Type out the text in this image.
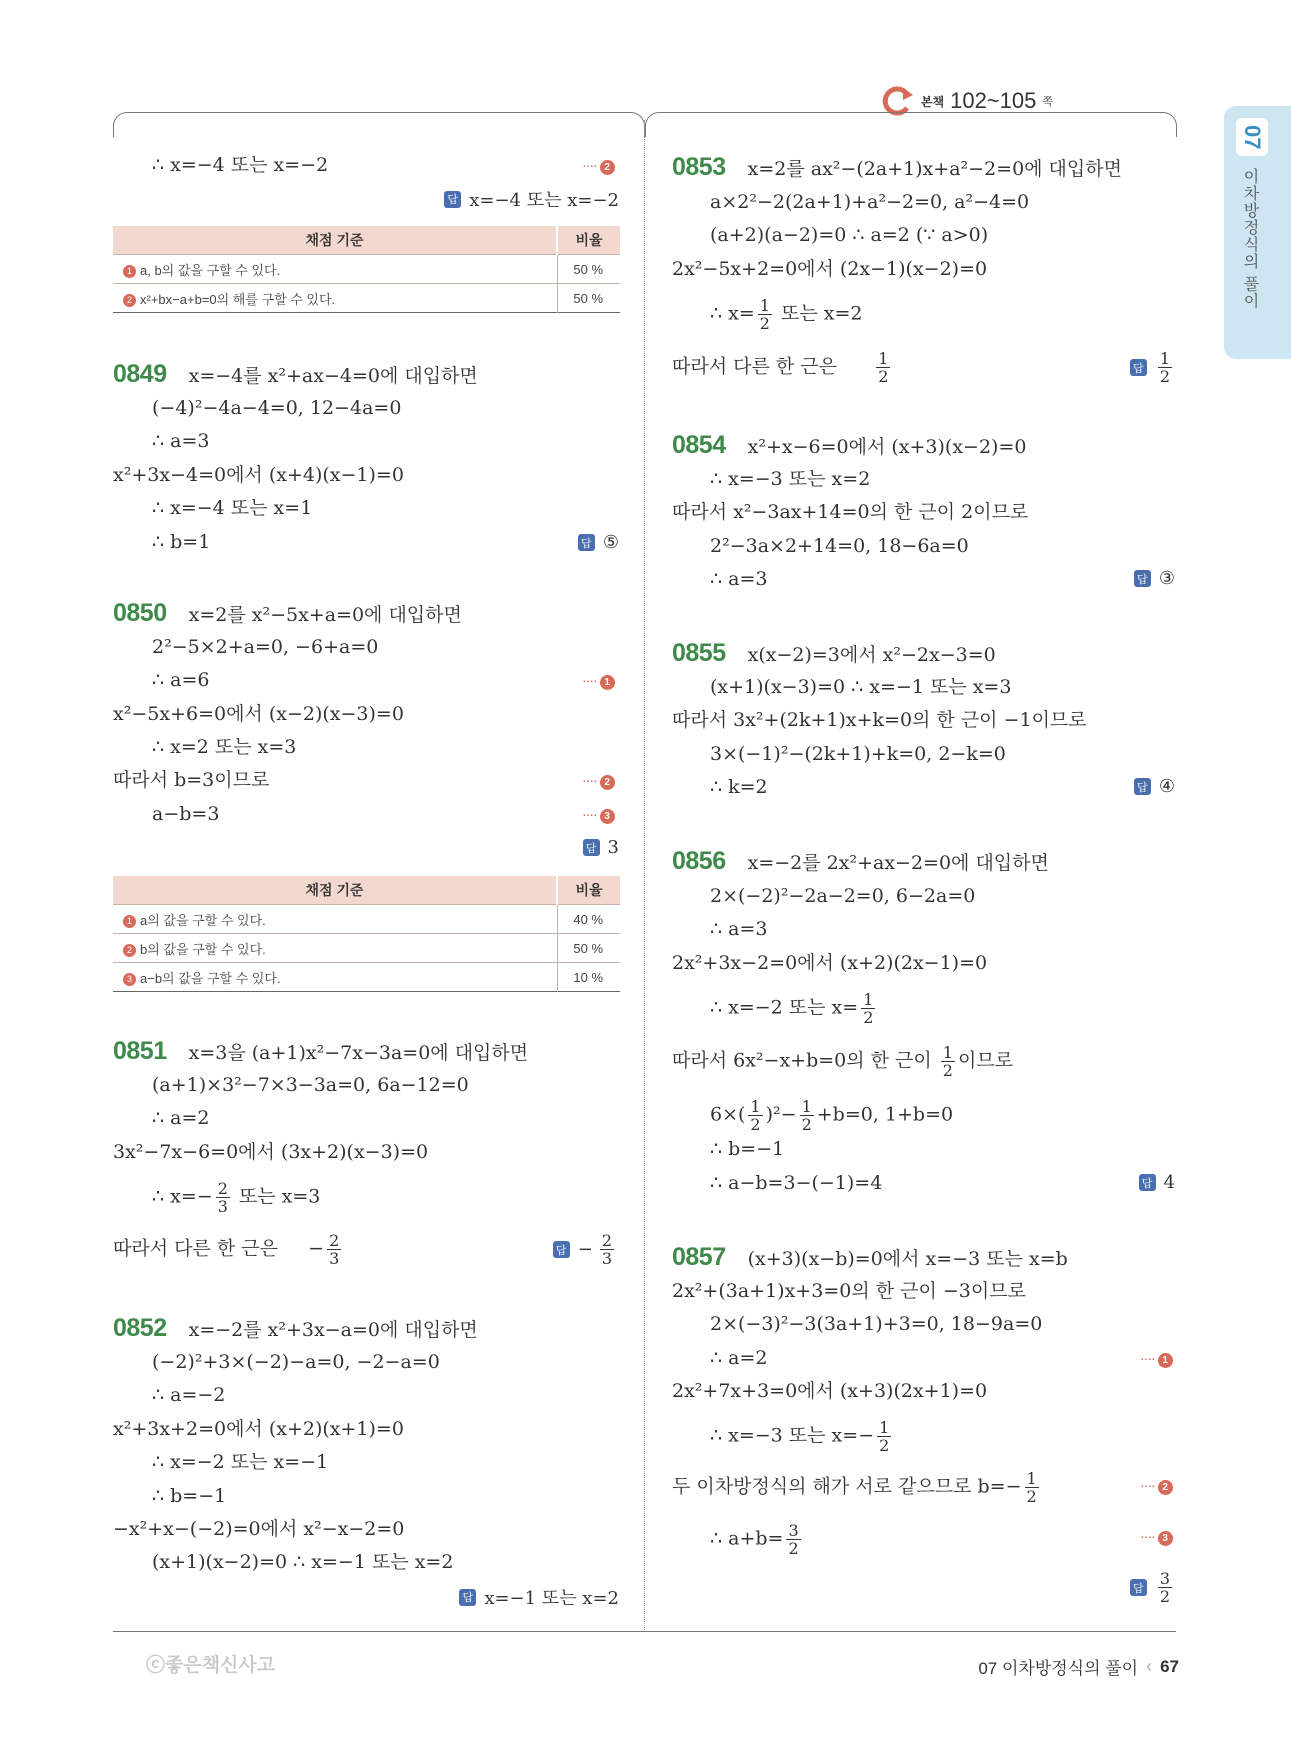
본책 102~105 쪽
07
이차방정식의 풀이
∴ x=−4 또는 x=−2	···· 2
답 x=−4 또는 x=−2
채점 기준	비율
1 a, b의 값을 구할 수 있다.	50 %
2 x²+bx−a+b=0의 해를 구할 수 있다.	50 %
0849 x=−4를 x²+ax−4=0에 대입하면
(−4)²−4a−4=0, 12−4a=0
∴ a=3
x²+3x−4=0에서 (x+4)(x−1)=0
∴ x=−4 또는 x=1
∴ b=1	답 ⑤
0850 x=2를 x²−5x+a=0에 대입하면
2²−5×2+a=0, −6+a=0
∴ a=6	···· 1
x²−5x+6=0에서 (x−2)(x−3)=0
∴ x=2 또는 x=3
따라서 b=3이므로	···· 2
a−b=3	···· 3
답 3
채점 기준	비율
1 a의 값을 구할 수 있다.	40 %
2 b의 값을 구할 수 있다.	50 %
3 a−b의 값을 구할 수 있다.	10 %
0851 x=3을 (a+1)x²−7x−3a=0에 대입하면
(a+1)×3²−7×3−3a=0, 6a−12=0
∴ a=2
3x²−7x−6=0에서 (3x+2)(x−3)=0
∴ $x=- \frac{2}{3}$ 또는 x=3
따라서 다른 한 근은 − $\frac{2}{3}$	답 − $\frac{2}{3}$
0852 x=−2를 x²+3x−a=0에 대입하면
(−2)²+3×(−2)−a=0, −2−a=0
∴ a=−2
x²+3x+2=0에서 (x+2)(x+1)=0
∴ x=−2 또는 x=−1
∴ b=−1
−x²+x−(−2)=0에서 x²−x−2=0
(x+1)(x−2)=0 ∴ x=−1 또는 x=2
답 x=−1 또는 x=2
0853 x=2를 ax²−(2a+1)x+a²−2=0에 대입하면
a×2²−2(2a+1)+a²−2=0, a²−4=0
(a+2)(a−2)=0 ∴ a=2 (∵ a>0)
2x²−5x+2=0에서 (2x−1)(x−2)=0
∴ $x= \frac{1}{2}$ 또는 x=2
따라서 다른 한 근은 $\frac{1}{2}$	답 $\frac{1}{2}$
0854 x²+x−6=0에서 (x+3)(x−2)=0
∴ x=−3 또는 x=2
따라서 x²−3ax+14=0의 한 근이 2이므로
2²−3a×2+14=0, 18−6a=0
∴ a=3	답 ③
0855 x(x−2)=3에서 x²−2x−3=0
(x+1)(x−3)=0 ∴ x=−1 또는 x=3
따라서 3x²+(2k+1)x+k=0의 한 근이 −1이므로
3×(−1)²−(2k+1)+k=0, 2−k=0
∴ k=2	답 ④
0856 x=−2를 2x²+ax−2=0에 대입하면
2×(−2)²−2a−2=0, 6−2a=0
∴ a=3
2x²+3x−2=0에서 (x+2)(2x−1)=0
∴ x=−2 또는 $x= \frac{1}{2}$
따라서 6x²−x+b=0의 한 근이 $\frac{1}{2}$ 이므로
$6\times( \frac{1}{2} )^2- \frac{1}{2} +b=0$, 1+b=0
∴ b=−1
∴ a−b=3−(−1)=4	답 4
0857 (x+3)(x−b)=0에서 x=−3 또는 x=b
2x²+(3a+1)x+3=0의 한 근이 −3이므로
2×(−3)²−3(3a+1)+3=0, 18−9a=0
∴ a=2	···· 1
2x²+7x+3=0에서 (x+3)(2x+1)=0
∴ x=−3 또는 $x=- \frac{1}{2}$
두 이차방정식의 해가 서로 같으므로 $b=- \frac{1}{2}$	···· 2
∴ $a+b= \frac{3}{2}$	···· 3
답 $\frac{3}{2}$
ⓒ좋은책신사고	07 이차방정식의 풀이 ‹ 67
